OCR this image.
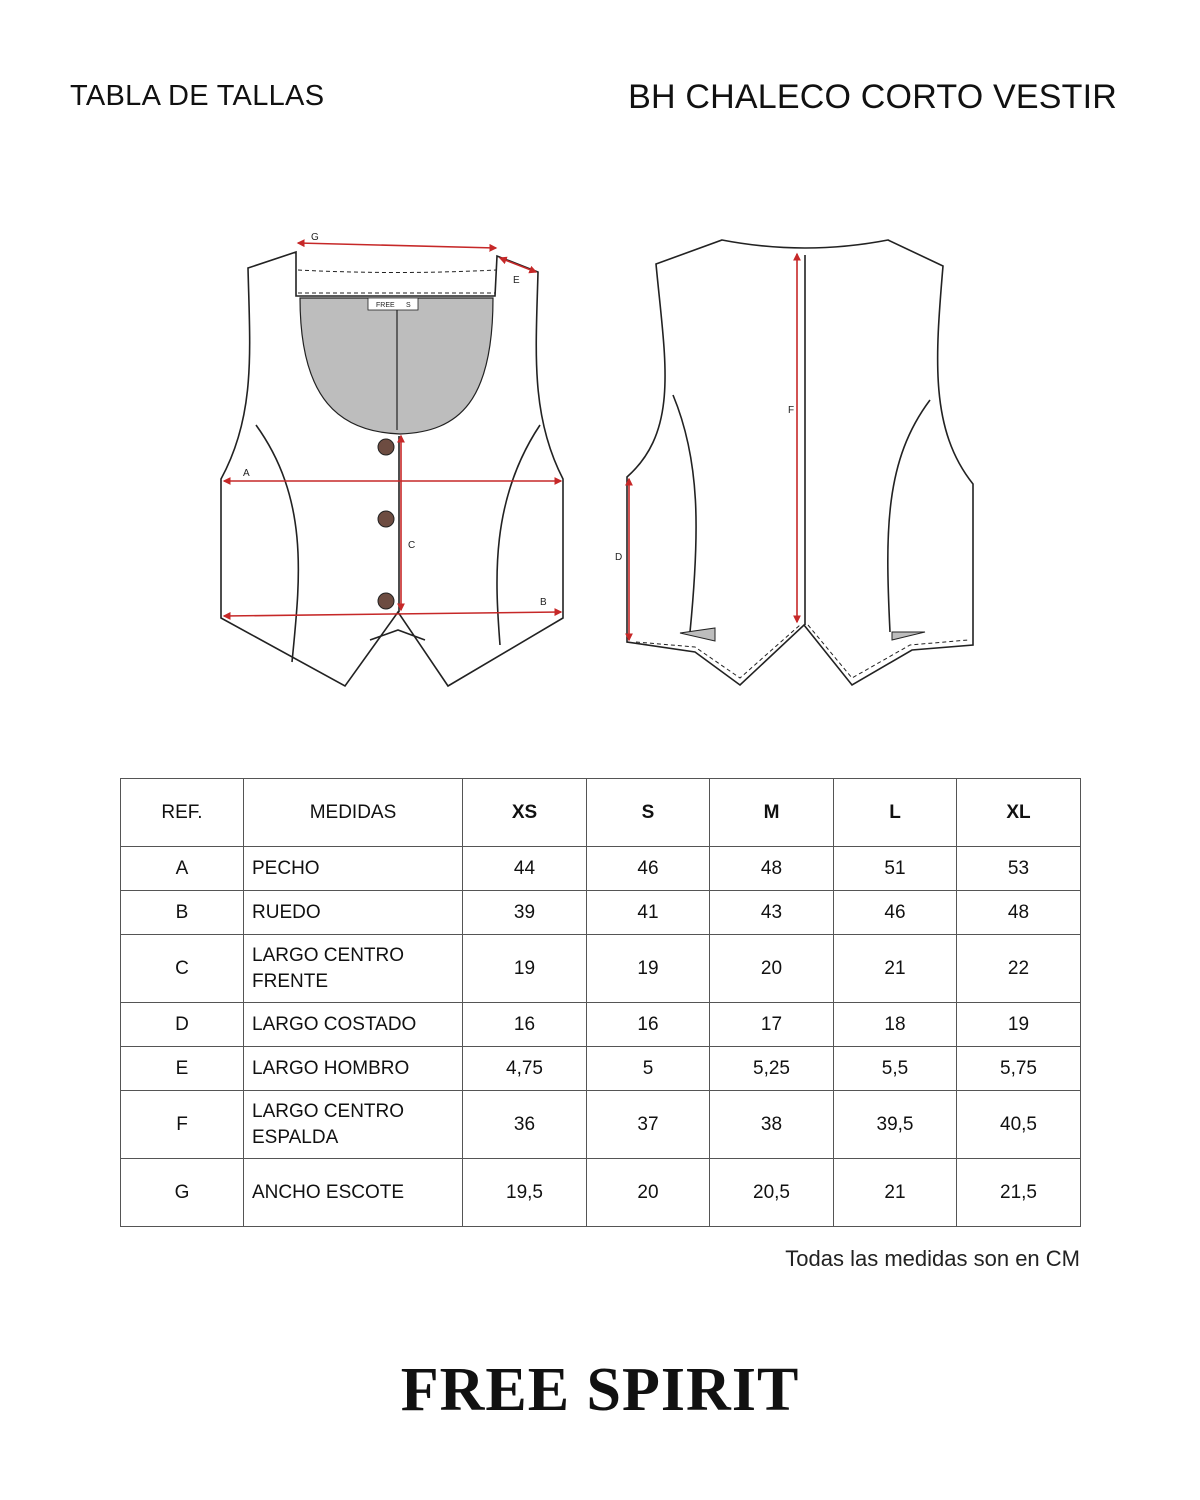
TABLA DE TALLAS	BH CHALECO CORTO VESTIR
FREE S
G
E
A
C
B
F
D
REF.	MEDIDAS	XS	S	M	L	XL
A	PECHO	44	46	48	51	53
B	RUEDO	39	41	43	46	48
C	LARGO CENTRO FRENTE	19	19	20	21	22
D	LARGO COSTADO	16	16	17	18	19
E	LARGO HOMBRO	4,75	5	5,25	5,5	5,75
F	LARGO CENTRO ESPALDA	36	37	38	39,5	40,5
G	ANCHO ESCOTE	19,5	20	20,5	21	21,5
Todas las medidas son en CM
FREE SPIRIT
